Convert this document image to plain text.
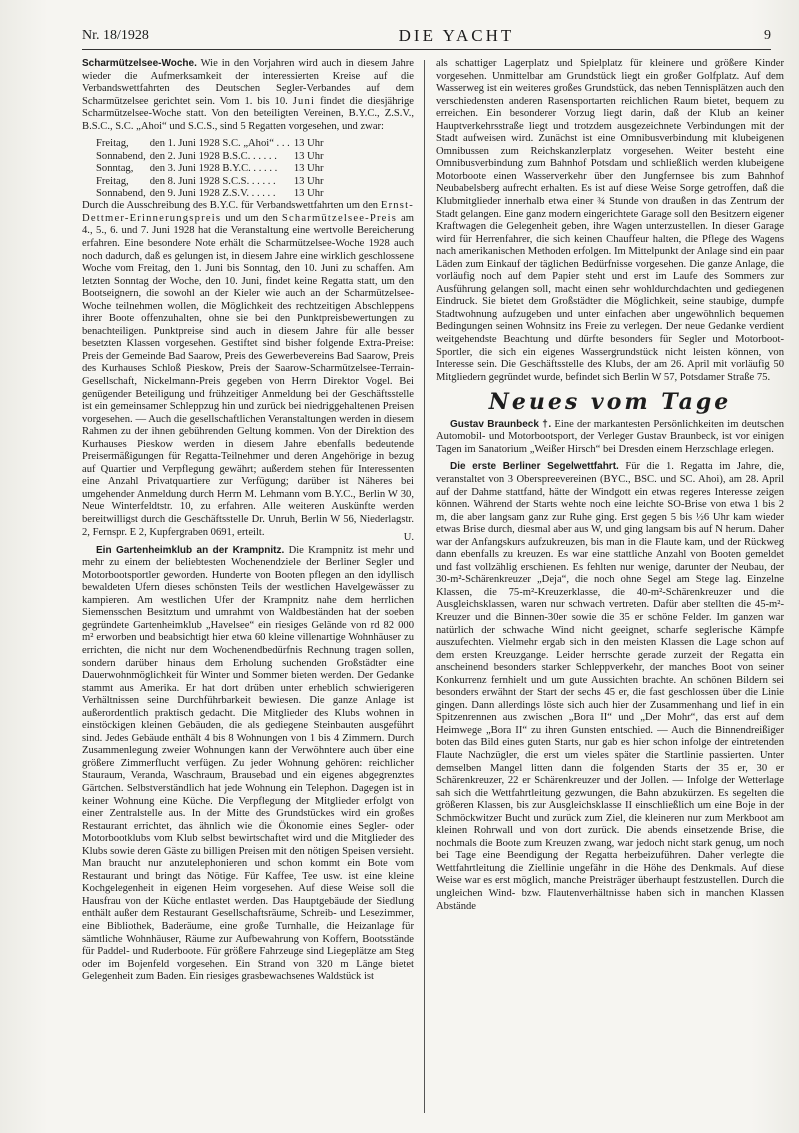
Nr. 18/1928	DIE YACHT	9

Scharmützelsee-Woche. Wie in den Vorjahren wird auch in diesem Jahre wieder die Aufmerksamkeit der interessierten Kreise auf die Verbandswettfahrten des Deutschen Segler-Verbandes auf dem Scharmützelsee gerichtet sein. Vom 1. bis 10. Juni findet die diesjährige Scharmützelsee-Woche statt. Von den beteiligten Vereinen, B.Y.C., Z.S.V., B.S.C., S.C. „Ahoi“ und S.C.S., sind 5 Regatten vorgesehen, und zwar:

Freitag,	den 1. Juni 1928 S.C. „Ahoi“ . . .	13 Uhr
Sonnabend,	den 2. Juni 1928 B.S.C. . . . . .	13 Uhr
Sonntag,	den 3. Juni 1928 B.Y.C. . . . . .	13 Uhr
Freitag,	den 8. Juni 1928 S.C.S. . . . . .	13 Uhr
Sonnabend,	den 9. Juni 1928 Z.S.V. . . . . .	13 Uhr

Durch die Ausschreibung des B.Y.C. für Verbandswettfahrten um den Ernst-Dettmer-Erinnerungspreis und um den Scharmützelsee-Preis am 4., 5., 6. und 7. Juni 1928 hat die Veranstaltung eine wertvolle Bereicherung erfahren. Eine besondere Note erhält die Scharmützelsee-Woche 1928 auch noch dadurch, daß es gelungen ist, in diesem Jahre eine wirklich geschlossene Woche vom Freitag, den 1. Juni bis Sonntag, den 10. Juni zu schaffen. Am letzten Sonntag der Woche, den 10. Juni, findet keine Regatta statt, um den Bootseignern, die sowohl an der Kieler wie auch an der Scharmützelsee-Woche teilnehmen wollen, die Möglichkeit des rechtzeitigen Abschleppens ihrer Boote offenzuhalten, ohne sie bei den Punktpreisbewertungen zu benachteiligen. Punktpreise sind auch in diesem Jahre für alle besser besetzten Klassen vorgesehen. Gestiftet sind bisher folgende Extra-Preise: Preis der Gemeinde Bad Saarow, Preis des Gewerbevereins Bad Saarow, Preis des Kurhauses Schloß Pieskow, Preis der Saarow-Scharmützelsee-Terrain-Gesellschaft, Nickelmann-Preis gegeben von Herrn Direktor Vogel. Bei genügender Beteiligung und frühzeitiger Anmeldung bei der Geschäftsstelle ist ein gemeinsamer Schleppzug hin und zurück bei niedriggehaltenen Preisen vorgesehen. — Auch die gesellschaftlichen Veranstaltungen werden in diesem Rahmen zu der ihnen gebührenden Geltung kommen. Von der Direktion des Kurhauses Pieskow werden in diesem Jahre ebenfalls bedeutende Preisermäßigungen für Regatta-Teilnehmer und deren Angehörige in bezug auf Quartier und Verpflegung gewährt; außerdem stehen für Interessenten eine Anzahl Privatquartiere zur Verfügung; darüber ist Näheres bei umgehender Anmeldung durch Herrn M. Lehmann vom B.Y.C., Berlin W 30, Neue Winterfeldtstr. 10, zu erfahren. Alle weiteren Auskünfte werden bereitwilligst durch die Geschäftsstelle Dr. Unruh, Berlin W 56, Niederlagstr. 2, Fernspr. E 2, Kupfergraben 0691, erteilt.

U.

Ein Gartenheimklub an der Krampnitz. Die Krampnitz ist mehr und mehr zu einem der beliebtesten Wochenendziele der Berliner Segler und Motorbootsportler geworden. Hunderte von Booten pflegen an den idyllisch bewaldeten Ufern dieses schönsten Teils der westlichen Havelgewässer zu kampieren. Am westlichen Ufer der Krampnitz nahe dem herrlichen Siemensschen Besitztum und umrahmt von Waldbeständen hat der soeben gegründete Gartenheimklub „Havelsee“ ein riesiges Gelände von rd 82 000 m² erworben und beabsichtigt hier etwa 60 kleine villenartige Wohnhäuser zu errichten, die nicht nur dem Wochenendbedürfnis Rechnung tragen sollen, sondern darüber hinaus dem Erholung suchenden Großstädter eine Dauerwohnmöglichkeit für Winter und Sommer bieten werden. Der Gedanke stammt aus Amerika. Er hat dort drüben unter erheblich schwierigeren Verhältnissen seine Durchführbarkeit bewiesen. Die ganze Anlage ist außerordentlich praktisch gedacht. Die Mitglieder des Klubs wohnen in einstöckigen kleinen Gebäuden, die als gediegene Steinbauten ausgeführt sind. Jedes Gebäude enthält 4 bis 8 Wohnungen von 1 bis 4 Zimmern. Durch Zusammenlegung zweier Wohnungen kann der Verwöhntere auch über eine größere Zimmerflucht verfügen. Zu jeder Wohnung gehören: reichlicher Stauraum, Veranda, Waschraum, Brausebad und ein eigenes abgegrenztes Gärtchen. Selbstverständlich hat jede Wohnung ein Telephon. Dagegen ist in keiner Wohnung eine Küche. Die Verpflegung der Mitglieder erfolgt von einer Zentralstelle aus. In der Mitte des Grundstückes wird ein großes Restaurant errichtet, das ähnlich wie die Ökonomie eines Segler- oder Motorbootklubs vom Klub selbst bewirtschaftet wird und die Mitglieder des Klubs sowie deren Gäste zu billigen Preisen mit den nötigen Speisen versieht. Man braucht nur anzutelephonieren und schon kommt ein Bote vom Restaurant und bringt das Nötige. Für Kaffee, Tee usw. ist eine kleine Kochgelegenheit in eigenen Heim vorgesehen. Auf diese Weise soll die Hausfrau von der Küche entlastet werden. Das Hauptgebäude der Siedlung enthält außer dem Restaurant Gesellschaftsräume, Schreib- und Lesezimmer, eine Bibliothek, Baderäume, eine große Turnhalle, die Heizanlage für sämtliche Wohnhäuser, Räume zur Aufbewahrung von Koffern, Bootsstände für Paddel- und Ruderboote. Für größere Fahrzeuge sind Liegeplätze am Steg oder im Bojenfeld vorgesehen. Ein Strand von 320 m Länge bietet Gelegenheit zum Baden. Ein riesiges grasbewachsenes Waldstück ist

als schattiger Lagerplatz und Spielplatz für kleinere und größere Kinder vorgesehen. Unmittelbar am Grundstück liegt ein großer Golfplatz. Auf dem Wasserweg ist ein weiteres großes Grundstück, das neben Tennisplätzen auch den verschiedensten anderen Rasensportarten reichlichen Raum bietet, bequem zu erreichen. Ein besonderer Vorzug liegt darin, daß der Klub an keiner Hauptverkehrsstraße liegt und trotzdem ausgezeichnete Verbindungen mit der Stadt aufweisen wird. Zunächst ist eine Omnibusverbindung mit klubeigenen Omnibussen zum Reichskanzlerplatz vorgesehen. Weiter besteht eine Omnibusverbindung zum Bahnhof Potsdam und schließlich werden klubeigene Motorboote einen Wasserverkehr über den Jungfernsee bis zum Bahnhof Neubabelsberg aufrecht erhalten. Es ist auf diese Weise Sorge getroffen, daß die Klubmitglieder innerhalb etwa einer ¾ Stunde von draußen in das Zentrum der Stadt gelangen. Eine ganz modern eingerichtete Garage soll den Besitzern eigener Kraftwagen die Gelegenheit geben, ihre Wagen unterzustellen. In dieser Garage wird für Herrenfahrer, die sich keinen Chauffeur halten, die Pflege des Wagens nach amerikanischen Methoden erfolgen. Im Mittelpunkt der Anlage sind ein paar Läden zum Einkauf der täglichen Bedürfnisse vorgesehen. Die ganze Anlage, die vorläufig noch auf dem Papier steht und erst im Laufe des Sommers zur Ausführung gelangen soll, macht einen sehr wohldurchdachten und gediegenen Eindruck. Sie bietet dem Großstädter die Möglichkeit, seine staubige, dumpfe Stadtwohnung aufzugeben und unter einfachen aber ungewöhnlich bequemen Bedingungen seinen Wohnsitz ins Freie zu verlegen. Der neue Gedanke verdient weitgehendste Beachtung und dürfte besonders für Segler und Motorboot-Sportler, die sich ein eigenes Wassergrundstück nicht leisten können, von Interesse sein. Die Geschäftsstelle des Klubs, der am 26. April mit vorläufig 50 Mitgliedern gegründet wurde, befindet sich Berlin W 57, Potsdamer Straße 75.

Neues vom Tage

Gustav Braunbeck †. Eine der markantesten Persönlichkeiten im deutschen Automobil- und Motorbootsport, der Verleger Gustav Braunbeck, ist vor einigen Tagen im Sanatorium „Weißer Hirsch“ bei Dresden einem Herzschlage erlegen.

Die erste Berliner Segelwettfahrt. Für die 1. Regatta im Jahre, die, veranstaltet von 3 Oberspreevereinen (BYC., BSC. und SC. Ahoi), am 28. April auf der Dahme stattfand, hätte der Windgott ein etwas regeres Interesse zeigen können. Während der Starts wehte noch eine leichte SO-Brise von etwa 1 bis 2 m, die aber langsam ganz zur Ruhe ging. Erst gegen 5 bis ½6 Uhr kam wieder etwas Brise durch, diesmal aber aus W, und ging langsam bis auf N herum. Daher war der Anfangskurs aufzukreuzen, bis man in die Flaute kam, und der Rückweg dann ebenfalls zu kreuzen. Es war eine stattliche Anzahl von Booten gemeldet und fast vollzählig erschienen. Es fehlten nur wenige, darunter der Neubau, der 30-m²-Schärenkreuzer „Deja“, die noch ohne Segel am Stege lag. Einzelne Klassen, die 75-m²-Kreuzerklasse, die 40-m²-Schärenkreuzer und die Ausgleichsklassen, waren nur schwach vertreten. Dafür aber stellten die 45-m²-Kreuzer und die Binnen-30er sowie die 35 er schöne Felder. Im ganzen war natürlich der schwache Wind nicht geeignet, scharfe seglerische Kämpfe auszufechten. Vielmehr ergab sich in den meisten Klassen die Lage schon auf dem ersten Kreuzgange. Leider herrschte gerade zurzeit der Regatta ein anscheinend besonders starker Schleppverkehr, der manches Boot von seiner Konkurrenz fernhielt und um gute Aussichten brachte. An schönen Bildern sei besonders erwähnt der Start der sechs 45 er, die fast geschlossen über die Linie gingen. Dann allerdings löste sich auch hier der Zusammenhang und lief in ein Spitzenrennen aus zwischen „Bora II“ und „Der Mohr“, das erst auf dem Heimwege „Bora II“ zu ihren Gunsten entschied. — Auch die Binnendreißiger boten das Bild eines guten Starts, nur gab es hier schon infolge der eintretenden Flaute Nachzügler, die erst um vieles später die Startlinie passierten. Unter demselben Mangel litten dann die folgenden Starts der 35 er, 30 er Schärenkreuzer, 22 er Schärenkreuzer und der Jollen. — Infolge der Wetterlage sah sich die Wettfahrtleitung gezwungen, die Bahn abzukürzen. Es segelten die größeren Klassen, bis zur Ausgleichsklasse II einschließlich um eine Boje in der Schmöckwitzer Bucht und zurück zum Ziel, die kleineren nur zum Merkboot am kleinen Rohrwall und von dort zurück. Die abends einsetzende Brise, die nochmals die Boote zum Kreuzen zwang, war jedoch nicht stark genug, um noch bei Tage eine Beendigung der Regatta herbeizuführen. Daher verlegte die Wettfahrtleitung die Ziellinie ungefähr in die Höhe des Denkmals. Auf diese Weise war es erst möglich, manche Preisträger überhaupt festzustellen. Durch die ungleichen Wind- bzw. Flautenverhältnisse haben sich in manchen Klassen Abstände
